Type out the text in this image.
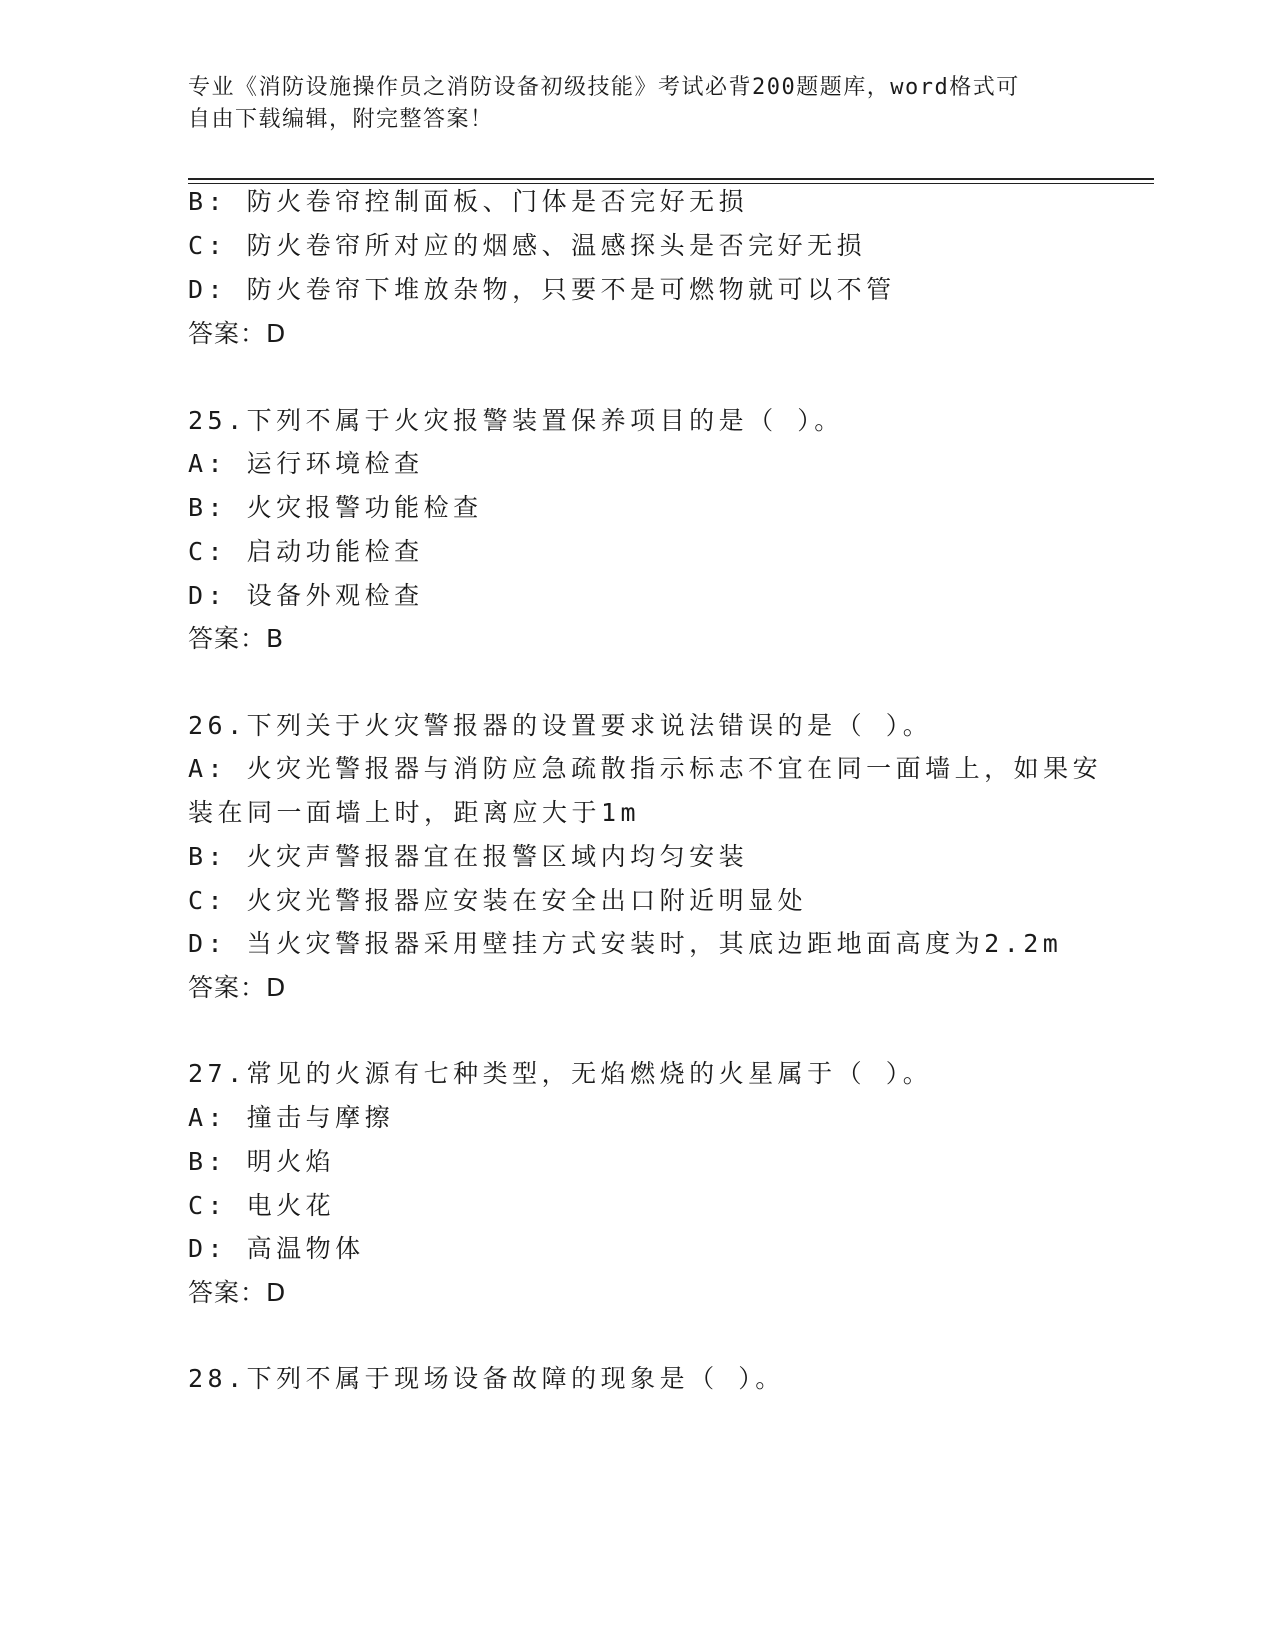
专业《消防设施操作员之消防设备初级技能》考试必背200题题库，word格式可
自由下载编辑，附完整答案！
B: 防火卷帘控制面板、门体是否完好无损
C: 防火卷帘所对应的烟感、温感探头是否完好无损
D: 防火卷帘下堆放杂物，只要不是可燃物就可以不管
答案：D
25.下列不属于火灾报警装置保养项目的是（ ）。
A: 运行环境检查
B: 火灾报警功能检查
C: 启动功能检查
D: 设备外观检查
答案：B
26.下列关于火灾警报器的设置要求说法错误的是（ ）。
A: 火灾光警报器与消防应急疏散指示标志不宜在同一面墙上，如果安
装在同一面墙上时，距离应大于1m
B: 火灾声警报器宜在报警区域内均匀安装
C: 火灾光警报器应安装在安全出口附近明显处
D: 当火灾警报器采用壁挂方式安装时，其底边距地面高度为2.2m
答案：D
27.常见的火源有七种类型，无焰燃烧的火星属于（ ）。
A: 撞击与摩擦
B: 明火焰
C: 电火花
D: 高温物体
答案：D
28.下列不属于现场设备故障的现象是（ ）。
